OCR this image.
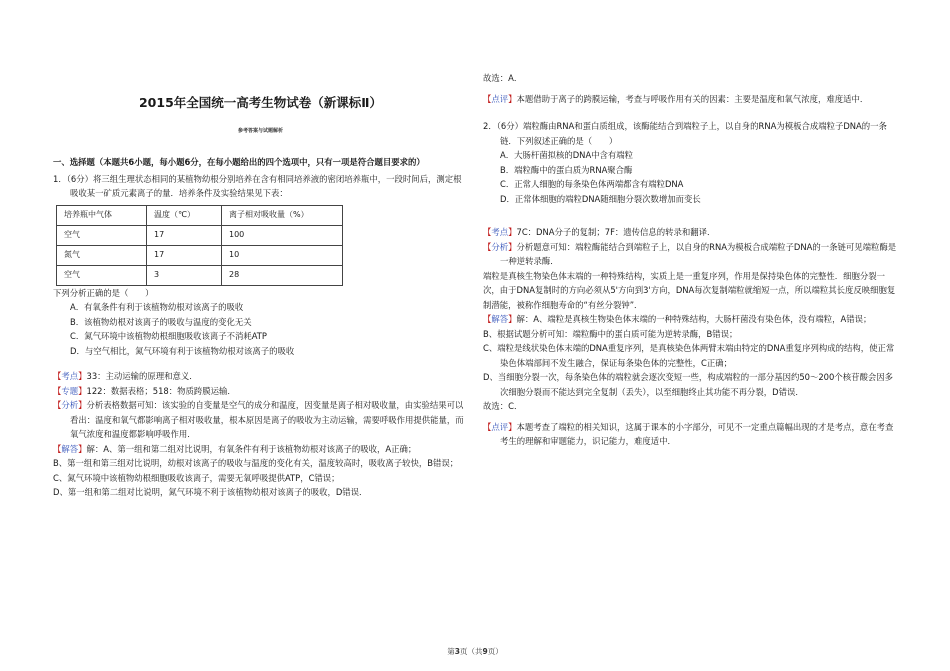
2015年全国统一高考生物试卷（新课标Ⅱ）
参考答案与试题解析
一、选择题（本题共6小题，每小题6分，在每小题给出的四个选项中，只有一项是符合题目要求的）
1．（6分）将三组生理状态相同的某植物幼根分别培养在含有相同培养液的密闭培养瓶中，一段时间后，测定根吸收某一矿质元素离子的量．培养条件及实验结果见下表：
培养瓶中气体	温度（℃）	离子相对吸收量（%）
空气	17	100
氮气	17	10
空气	3	28
下列分析正确的是（　　）
A．有氧条件有利于该植物幼根对该离子的吸收
B．该植物幼根对该离子的吸收与温度的变化无关
C．氮气环境中该植物幼根细胞吸收该离子不消耗ATP
D．与空气相比，氮气环境有利于该植物幼根对该离子的吸收
【考点】33：主动运输的原理和意义．
【专题】122：数据表格；518：物质跨膜运输．
【分析】分析表格数据可知：该实验的自变量是空气的成分和温度，因变量是离子相对吸收量，由实验结果可以看出：温度和氧气都影响离子相对吸收量，根本原因是离子的吸收为主动运输，需要呼吸作用提供能量，而氧气浓度和温度都影响呼吸作用．
【解答】解：A、第一组和第二组对比说明，有氧条件有利于该植物幼根对该离子的吸收，A正确；
B、第一组和第三组对比说明，幼根对该离子的吸收与温度的变化有关，温度较高时，吸收离子较快，B错误；
C、氮气环境中该植物幼根细胞吸收该离子，需要无氧呼吸提供ATP，C错误；
D、第一组和第二组对比说明，氮气环境不利于该植物幼根对该离子的吸收，D错误．
故选：A．
【点评】本题借助于离子的跨膜运输，考查与呼吸作用有关的因素：主要是温度和氧气浓度，难度适中．
2．（6分）端粒酶由RNA和蛋白质组成，该酶能结合到端粒子上，以自身的RNA为模板合成端粒子DNA的一条链．下列叙述正确的是（　　）
A．大肠杆菌拟核的DNA中含有端粒
B．端粒酶中的蛋白质为RNA聚合酶
C．正常人细胞的每条染色体两端都含有端粒DNA
D．正常体细胞的端粒DNA随细胞分裂次数增加而变长
【考点】7C：DNA分子的复制；7F：遗传信息的转录和翻译．
【分析】分析题意可知：端粒酶能结合到端粒子上，以自身的RNA为模板合成端粒子DNA的一条链可见端粒酶是一种逆转录酶．
端粒是真核生物染色体末端的一种特殊结构，实质上是一重复序列，作用是保持染色体的完整性．细胞分裂一次，由于DNA复制时的方向必须从5'方向到3'方向，DNA每次复制端粒就缩短一点，所以端粒其长度反映细胞复制潜能，被称作细胞寿命的“有丝分裂钟”．
【解答】解：A、端粒是真核生物染色体末端的一种特殊结构，大肠杆菌没有染色体，没有端粒，A错误；
B、根据试题分析可知：端粒酶中的蛋白质可能为逆转录酶，B错误；
C、端粒是线状染色体末端的DNA重复序列，是真核染色体两臂末端由特定的DNA重复序列构成的结构，使正常染色体端部间不发生融合，保证每条染色体的完整性，C正确；
D、当细胞分裂一次，每条染色体的端粒就会逐次变短一些，构成端粒的一部分基因约50～200个核苷酸会因多次细胞分裂而不能达到完全复制（丢失），以至细胞终止其功能不再分裂，D错误．
故选：C．
【点评】本题考查了端粒的相关知识，这属于课本的小字部分，可见不一定重点篇幅出现的才是考点，意在考查考生的理解和审题能力，识记能力，难度适中．
第3页（共9页）
